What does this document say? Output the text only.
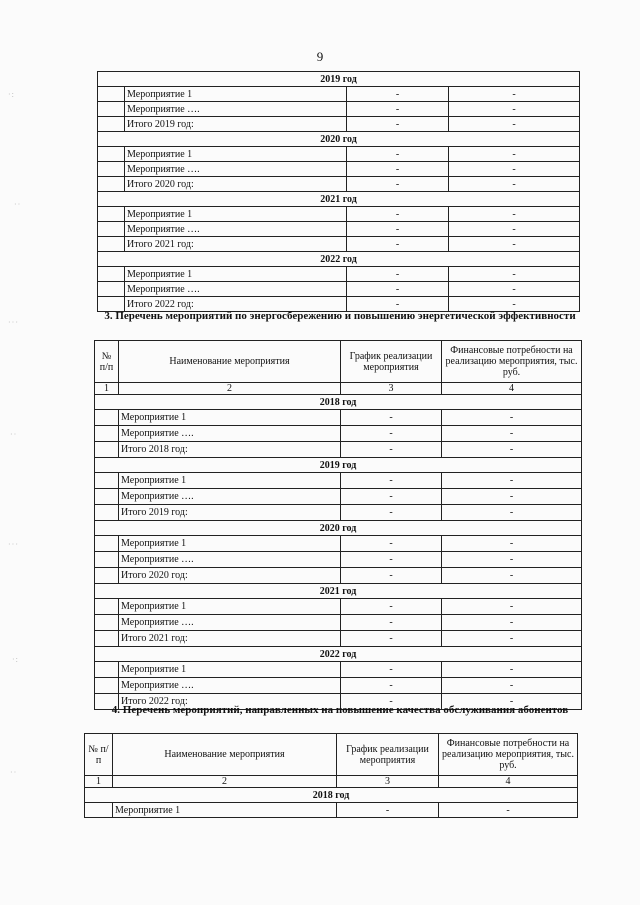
9
2019 год			
	Мероприятие 1	-	-
	Мероприятие ….	-	-
	Итого 2019 год:	-	-
2020 год			
	Мероприятие 1	-	-
	Мероприятие ….	-	-
	Итого 2020 год:	-	-
2021 год			
	Мероприятие 1	-	-
	Мероприятие ….	-	-
	Итого 2021 год:	-	-
2022 год			
	Мероприятие 1	-	-
	Мероприятие ….	-	-
	Итого 2022 год:	-	-
3. Перечень мероприятий по энергосбережению и повышению энергетической эффективности
№ п/п	Наименование мероприятия	График реализации мероприятия	Финансовые потребности на реализацию мероприятия, тыс. руб.
1	2	3	4
2018 год			
	Мероприятие 1	-	-
	Мероприятие ….	-	-
	Итого 2018 год:	-	-
2019 год			
	Мероприятие 1	-	-
	Мероприятие ….	-	-
	Итого 2019 год:	-	-
2020 год			
	Мероприятие 1	-	-
	Мероприятие ….	-	-
	Итого 2020 год:	-	-
2021 год			
	Мероприятие 1	-	-
	Мероприятие ….	-	-
	Итого 2021 год:	-	-
2022 год			
	Мероприятие 1	-	-
	Мероприятие ….	-	-
	Итого 2022 год:	-	-
4. Перечень мероприятий, направленных на повышение качества обслуживания абонентов
№ п/п	Наименование мероприятия	График реализации мероприятия	Финансовые потребности на реализацию мероприятия, тыс. руб.
1	2	3	4
2018 год			
	Мероприятие 1	-	-
·:
··
···
··
···
·:
··
